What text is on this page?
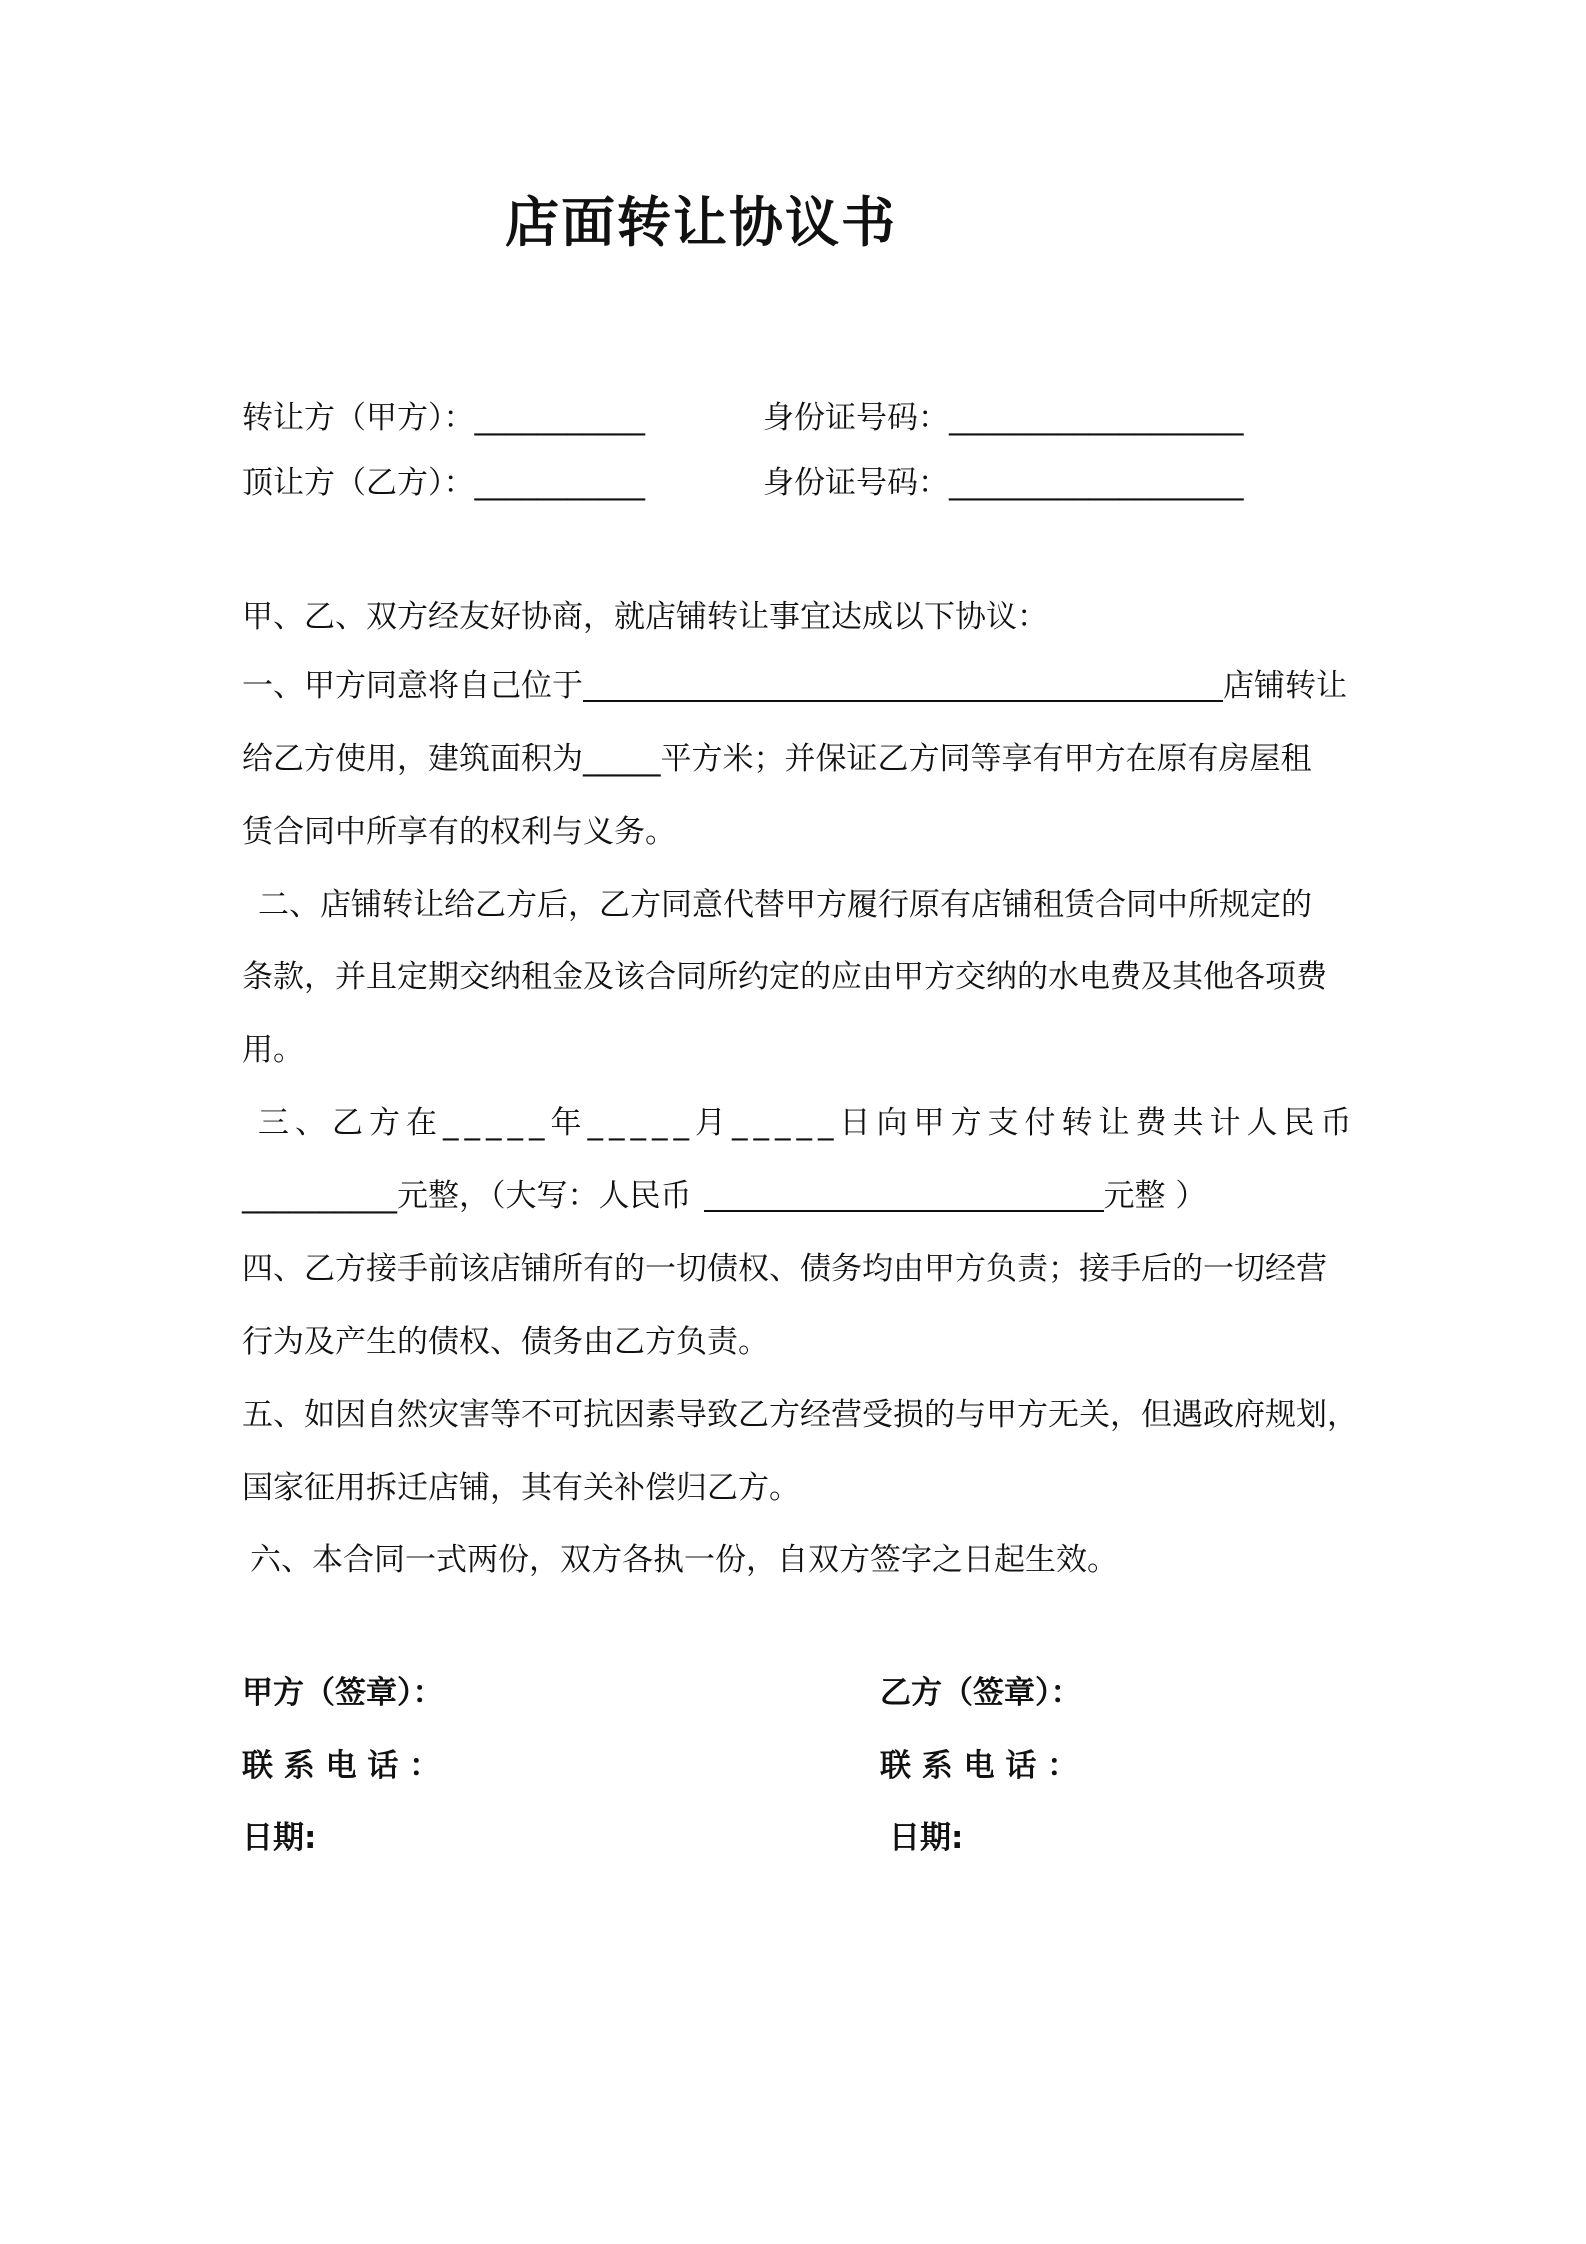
店面转让协议书
转让方（甲方）：___________	身份证号码：___________________
顶让方（乙方）：___________	身份证号码：___________________
甲、乙、双方经友好协商，就店铺转让事宜达成以下协议：
一、甲方同意将自己位于	店铺转让
给乙方使用，建筑面积为_____平方米；并保证乙方同等享有甲方在原有房屋租
赁合同中所享有的权利与义务。
二、店铺转让给乙方后，乙方同意代替甲方履行原有店铺租赁合同中所规定的
条款，并且定期交纳租金及该合同所约定的应由甲方交纳的水电费及其他各项费
用。
三、乙方在_____年_____月_____日向甲方支付转让费共计人民币
__________元整，（大写：人民币	元整 ）
四、乙方接手前该店铺所有的一切债权、债务均由甲方负责；接手后的一切经营
行为及产生的债权、债务由乙方负责。
五、如因自然灾害等不可抗因素导致乙方经营受损的与甲方无关，但遇政府规划，
国家征用拆迁店铺，其有关补偿归乙方。
六、本合同一式两份，双方各执一份，自双方签字之日起生效。
甲方（签章）：	乙方（签章）：
联 系 电 话 ：	联 系 电 话 ：
日期:	日期:
